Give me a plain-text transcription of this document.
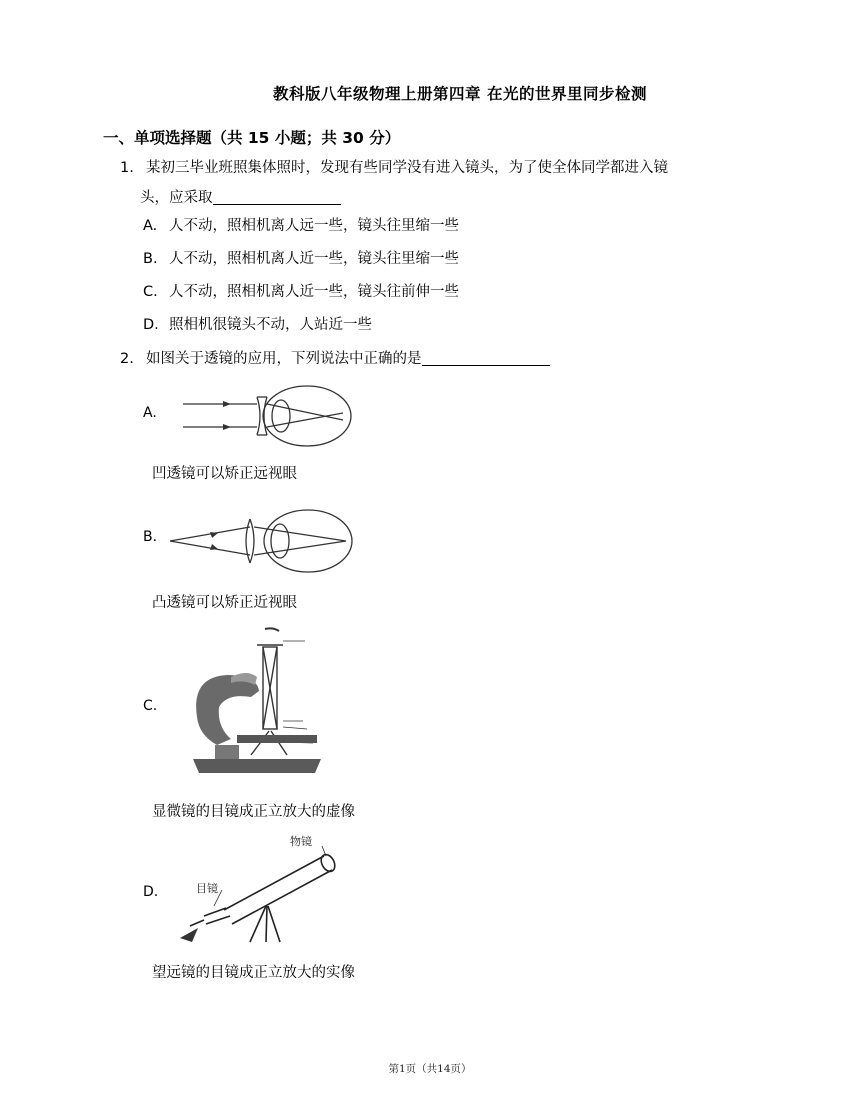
教科版八年级物理上册第四章 在光的世界里同步检测
一、单项选择题（共 15 小题；共 30 分）
1. 某初三毕业班照集体照时，发现有些同学没有进入镜头，为了使全体同学都进入镜
头，应采取
A. 人不动，照相机离人远一些，镜头往里缩一些
B. 人不动，照相机离人近一些，镜头往里缩一些
C. 人不动，照相机离人近一些，镜头往前伸一些
D. 照相机很镜头不动，人站近一些
2. 如图关于透镜的应用，下列说法中正确的是
A.
凹透镜可以矫正远视眼
B.
凸透镜可以矫正近视眼
C.
显微镜的目镜成正立放大的虚像
D.
物镜
目镜
望远镜的目镜成正立放大的实像
第1页（共14页）
